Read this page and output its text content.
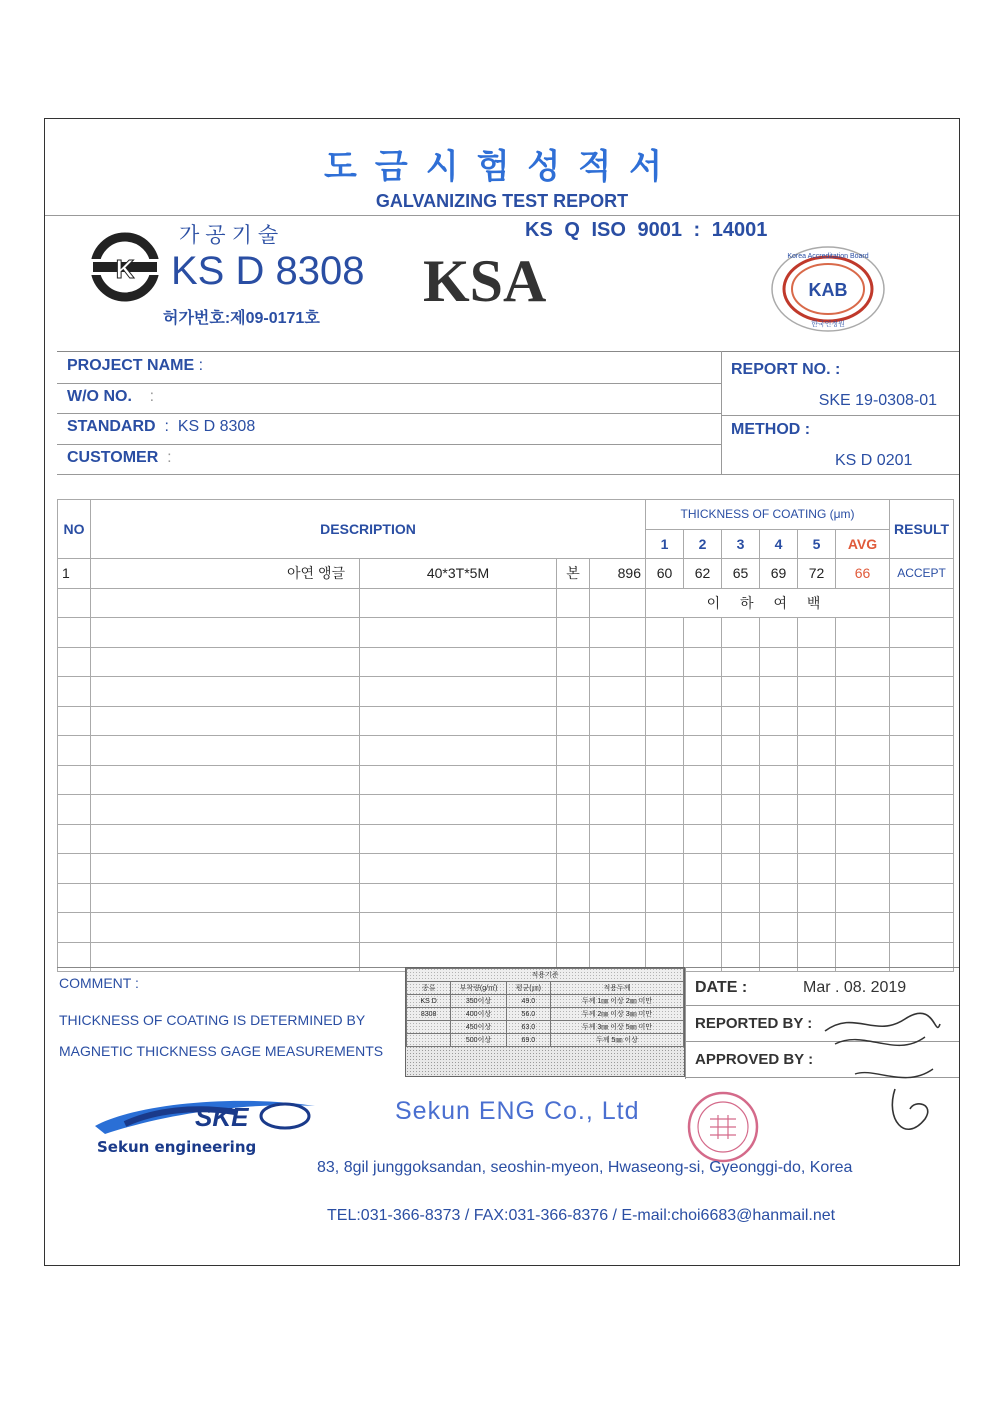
도금시험성적서
GALVANIZING TEST REPORT
K
가공기술
KS D 8308
허가번호:제09-0171호
KS Q ISO 9001 : 14001
KSA	Korea Accreditation Board
KAB
한국인정원
PROJECT NAME :
W/O NO.    :
STANDARD  :  KS D 8308
CUSTOMER  :
REPORT NO. :
SKE 19-0308-01
METHOD :
KS D 0201
NO	DESCRIPTION				THICKNESS OF COATING (μm)						RESULT
					1	2	3	4	5	AVG	
1	아연 앵글	40*3T*5M	본	896	60	62	65	69	72	66	ACCEPT
					이 하 여 백						

COMMENT :
THICKNESS OF COATING IS DETERMINED BY
MAGNETIC THICKNESS GAGE MEASUREMENTS
적용기준			
종류	부착량(g/㎡)	평균(㎛)	적용두께
KS D	350이상	49.0	두께 1㎜ 이상 2㎜ 미만
8308	400이상	56.0	두께 2㎜ 이상 3㎜ 미만
	450이상	63.0	두께 3㎜ 이상 5㎜ 미만
	500이상	69.0	두께 5㎜ 이상
DATE :	Mar . 08. 2019
REPORTED BY :
APPROVED BY :
SKE
Sekun engineering
Sekun ENG Co., Ltd
83, 8gil junggoksandan, seoshin-myeon, Hwaseong-si, Gyeonggi-do, Korea
TEL:031-366-8373 / FAX:031-366-8376 / E-mail:choi6683@hanmail.net
